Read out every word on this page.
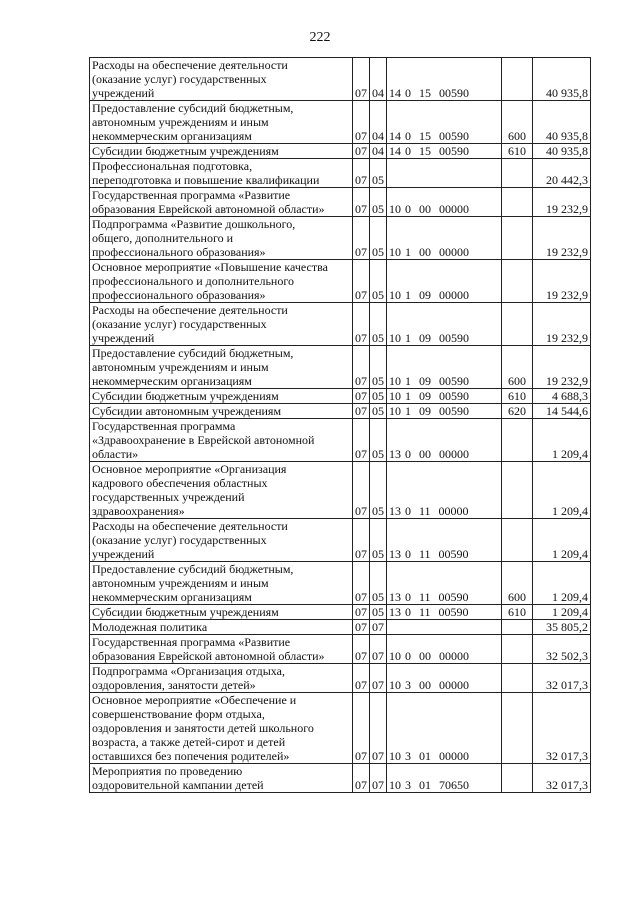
222
Расходы на обеспечение деятельности
(оказание услуг) государственных
учреждений	07	04	14 0  15  00590		40 935,8
Предоставление субсидий бюджетным,
автономным учреждениям и иным
некоммерческим организациям	07	04	14 0  15  00590	600	40 935,8
Субсидии бюджетным учреждениям	07	04	14 0  15  00590	610	40 935,8
Профессиональная подготовка,
переподготовка и повышение квалификации	07	05			20 442,3
Государственная программа «Развитие
образования Еврейской автономной области»	07	05	10 0  00  00000		19 232,9
Подпрограмма «Развитие дошкольного,
общего, дополнительного и
профессионального образования»	07	05	10 1  00  00000		19 232,9
Основное мероприятие «Повышение качества
профессионального и дополнительного
профессионального образования»	07	05	10 1  09  00000		19 232,9
Расходы на обеспечение деятельности
(оказание услуг) государственных
учреждений	07	05	10 1  09  00590		19 232,9
Предоставление субсидий бюджетным,
автономным учреждениям и иным
некоммерческим организациям	07	05	10 1  09  00590	600	19 232,9
Субсидии бюджетным учреждениям	07	05	10 1  09  00590	610	4 688,3
Субсидии автономным учреждениям	07	05	10 1  09  00590	620	14 544,6
Государственная программа
«Здравоохранение в Еврейской автономной
области»	07	05	13 0  00  00000		1 209,4
Основное мероприятие «Организация
кадрового обеспечения областных
государственных учреждений
здравоохранения»	07	05	13 0  11  00000		1 209,4
Расходы на обеспечение деятельности
(оказание услуг) государственных
учреждений	07	05	13 0  11  00590		1 209,4
Предоставление субсидий бюджетным,
автономным учреждениям и иным
некоммерческим организациям	07	05	13 0  11  00590	600	1 209,4
Субсидии бюджетным учреждениям	07	05	13 0  11  00590	610	1 209,4
Молодежная политика	07	07			35 805,2
Государственная программа «Развитие
образования Еврейской автономной области»	07	07	10 0  00  00000		32 502,3
Подпрограмма «Организация отдыха,
оздоровления, занятости детей»	07	07	10 3  00  00000		32 017,3
Основное мероприятие «Обеспечение и
совершенствование форм отдыха,
оздоровления и занятости детей школьного
возраста, а также детей-сирот и детей
оставшихся без попечения родителей»	07	07	10 3  01  00000		32 017,3
Мероприятия по проведению
оздоровительной кампании детей	07	07	10 3  01  70650		32 017,3
